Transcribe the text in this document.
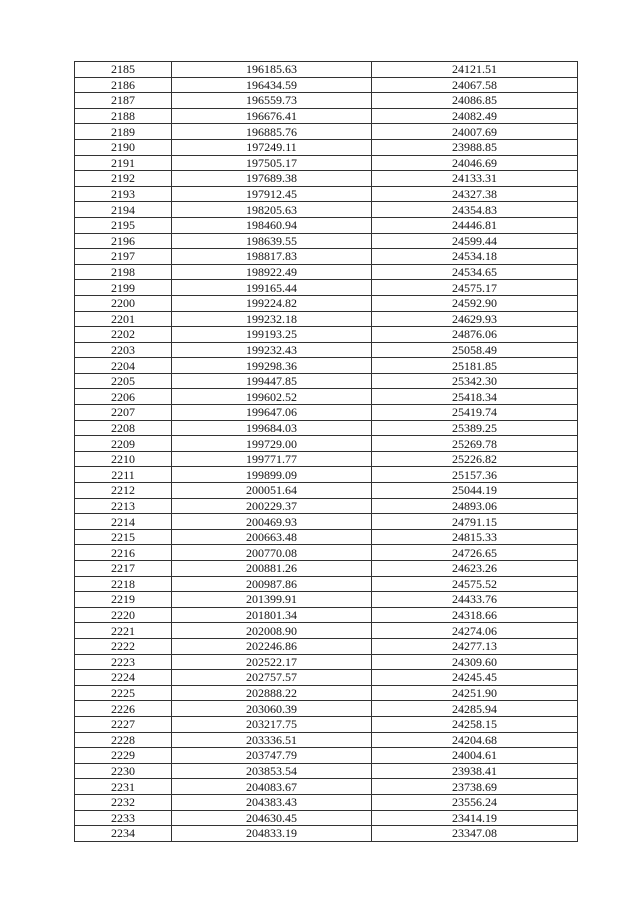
2185	196185.63	24121.51
2186	196434.59	24067.58
2187	196559.73	24086.85
2188	196676.41	24082.49
2189	196885.76	24007.69
2190	197249.11	23988.85
2191	197505.17	24046.69
2192	197689.38	24133.31
2193	197912.45	24327.38
2194	198205.63	24354.83
2195	198460.94	24446.81
2196	198639.55	24599.44
2197	198817.83	24534.18
2198	198922.49	24534.65
2199	199165.44	24575.17
2200	199224.82	24592.90
2201	199232.18	24629.93
2202	199193.25	24876.06
2203	199232.43	25058.49
2204	199298.36	25181.85
2205	199447.85	25342.30
2206	199602.52	25418.34
2207	199647.06	25419.74
2208	199684.03	25389.25
2209	199729.00	25269.78
2210	199771.77	25226.82
2211	199899.09	25157.36
2212	200051.64	25044.19
2213	200229.37	24893.06
2214	200469.93	24791.15
2215	200663.48	24815.33
2216	200770.08	24726.65
2217	200881.26	24623.26
2218	200987.86	24575.52
2219	201399.91	24433.76
2220	201801.34	24318.66
2221	202008.90	24274.06
2222	202246.86	24277.13
2223	202522.17	24309.60
2224	202757.57	24245.45
2225	202888.22	24251.90
2226	203060.39	24285.94
2227	203217.75	24258.15
2228	203336.51	24204.68
2229	203747.79	24004.61
2230	203853.54	23938.41
2231	204083.67	23738.69
2232	204383.43	23556.24
2233	204630.45	23414.19
2234	204833.19	23347.08
